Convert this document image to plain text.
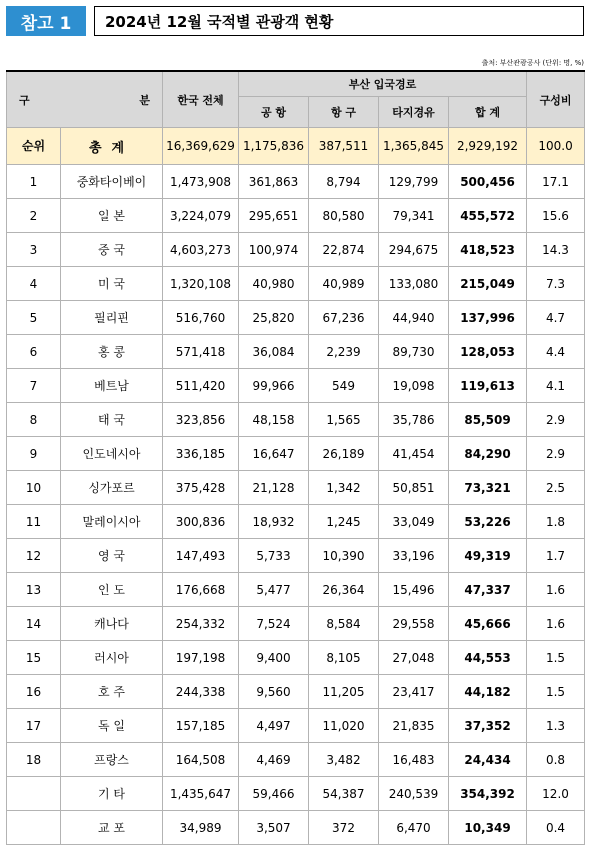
참고 1	2024년 12월 국적별 관광객 현황
출처: 부산관광공사 (단위: 명, %)
구 분		한국 전체	부산 입국경로				구성비
			공 항	항 구	타지경유	합 계	
순위	총계	16,369,629	1,175,836	387,511	1,365,845	2,929,192	100.0
1	중화타이베이	1,473,908	361,863	8,794	129,799	500,456	17.1
2	일 본	3,224,079	295,651	80,580	79,341	455,572	15.6
3	중 국	4,603,273	100,974	22,874	294,675	418,523	14.3
4	미 국	1,320,108	40,980	40,989	133,080	215,049	7.3
5	필리핀	516,760	25,820	67,236	44,940	137,996	4.7
6	홍 콩	571,418	36,084	2,239	89,730	128,053	4.4
7	베트남	511,420	99,966	549	19,098	119,613	4.1
8	태 국	323,856	48,158	1,565	35,786	85,509	2.9
9	인도네시아	336,185	16,647	26,189	41,454	84,290	2.9
10	싱가포르	375,428	21,128	1,342	50,851	73,321	2.5
11	말레이시아	300,836	18,932	1,245	33,049	53,226	1.8
12	영 국	147,493	5,733	10,390	33,196	49,319	1.7
13	인 도	176,668	5,477	26,364	15,496	47,337	1.6
14	캐나다	254,332	7,524	8,584	29,558	45,666	1.6
15	러시아	197,198	9,400	8,105	27,048	44,553	1.5
16	호 주	244,338	9,560	11,205	23,417	44,182	1.5
17	독 일	157,185	4,497	11,020	21,835	37,352	1.3
18	프랑스	164,508	4,469	3,482	16,483	24,434	0.8
	기 타	1,435,647	59,466	54,387	240,539	354,392	12.0
	교 포	34,989	3,507	372	6,470	10,349	0.4
